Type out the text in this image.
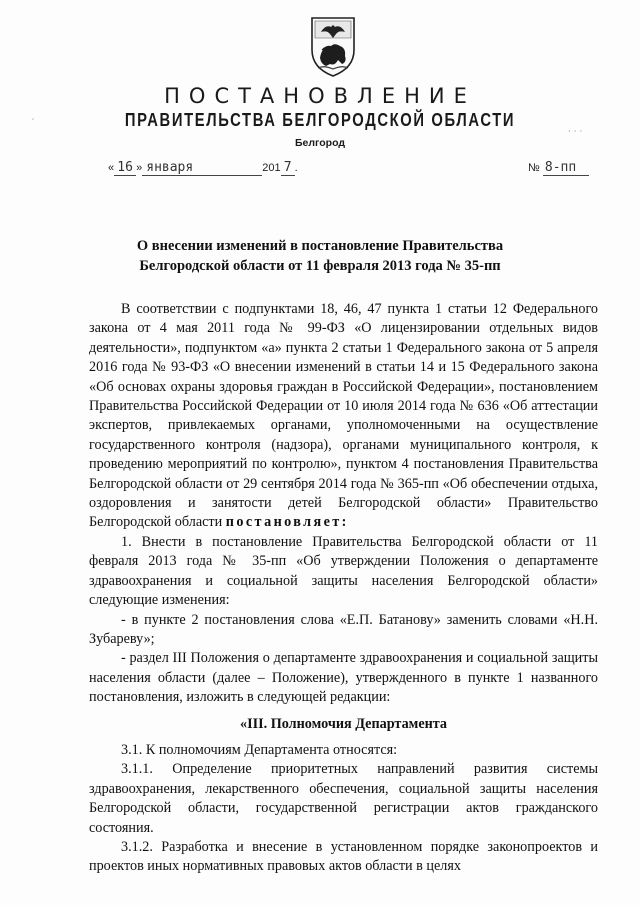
ПОСТАНОВЛЕНИЕ
ПРАВИТЕЛЬСТВА БЕЛГОРОДСКОЙ ОБЛАСТИ
Белгород
« 16 » января	201 7 .	№ 8-пп
О внесении изменений в постановление Правительства
Белгородской области от 11 февраля 2013 года № 35-пп

В соответствии с подпунктами 18, 46, 47 пункта 1 статьи 12 Федерального закона от 4 мая 2011 года № 99-ФЗ «О лицензировании отдельных видов деятельности», подпунктом «а» пункта 2 статьи 1 Федерального закона от 5 апреля 2016 года № 93-ФЗ «О внесении изменений в статьи 14 и 15 Федерального закона «Об основах охраны здоровья граждан в Российской Федерации», постановлением Правительства Российской Федерации от 10 июля 2014 года № 636 «Об аттестации экспертов, привлекаемых органами, уполномоченными на осуществление государственного контроля (надзора), органами муниципального контроля, к проведению мероприятий по контролю», пунктом 4 постановления Правительства Белгородской области от 29 сентября 2014 года № 365-пп «Об обеспечении отдыха, оздоровления и занятости детей Белгородской области» Правительство Белгородской области постановляет:

1. Внести в постановление Правительства Белгородской области от 11 февраля 2013 года № 35-пп «Об утверждении Положения о департаменте здравоохранения и социальной защиты населения Белгородской области» следующие изменения:

- в пункте 2 постановления слова «Е.П. Батанову» заменить словами «Н.Н. Зубареву»;

- раздел III Положения о департаменте здравоохранения и социальной защиты населения области (далее – Положение), утвержденного в пункте 1 названного постановления, изложить в следующей редакции:

«III. Полномочия Департамента

3.1. К полномочиям Департамента относятся:

3.1.1. Определение приоритетных направлений развития системы здравоохранения, лекарственного обеспечения, социальной защиты населения Белгородской области, государственной регистрации актов гражданского состояния.

3.1.2. Разработка и внесение в установленном порядке законопроектов и проектов иных нормативных правовых актов области в целях

′
· · ·
